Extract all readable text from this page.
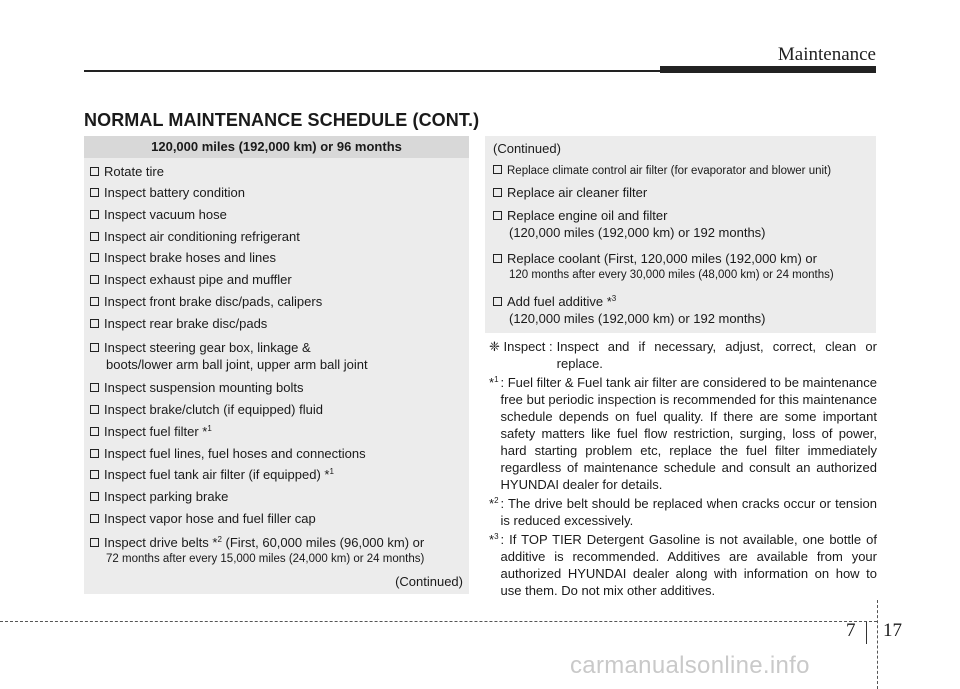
Maintenance
NORMAL MAINTENANCE SCHEDULE (CONT.)
120,000 miles (192,000 km) or 96 months
Rotate tire
Inspect battery condition
Inspect vacuum hose
Inspect air conditioning refrigerant
Inspect brake hoses and lines
Inspect exhaust pipe and muffler
Inspect front brake disc/pads, calipers
Inspect rear brake disc/pads
Inspect steering gear box, linkage &
boots/lower arm ball joint, upper arm ball joint
Inspect suspension mounting bolts
Inspect brake/clutch (if equipped) fluid
Inspect fuel filter *$^1$
Inspect fuel lines, fuel hoses and connections
Inspect fuel tank air filter (if equipped) *$^1$
Inspect parking brake
Inspect vapor hose and fuel filler cap
Inspect drive belts *$^2$ (First, 60,000 miles (96,000 km) or
72 months after every 15,000 miles (24,000 km) or 24 months)
(Continued)
(Continued)
Replace climate control air filter (for evaporator and blower unit)
Replace air cleaner filter
Replace engine oil and filter
(120,000 miles (192,000 km) or 192 months)
Replace coolant (First, 120,000 miles (192,000 km) or
120 months after every 30,000 miles (48,000 km) or 24 months)
Add fuel additive *$^3$
(120,000 miles (192,000 km) or 192 months)
❈ Inspect : Inspect and if necessary, adjust, correct, clean or replace.
*$^1$ : Fuel filter & Fuel tank air filter are considered to be maintenance free but periodic inspection is recommended for this maintenance schedule depends on fuel quality. If there are some important safety matters like fuel flow restriction, surging, loss of power, hard starting problem etc, replace the fuel filter immediately regardless of maintenance schedule and consult an authorized HYUNDAI dealer for details.
*$^2$ : The drive belt should be replaced when cracks occur or tension is reduced excessively.
*$^3$ : If TOP TIER Detergent Gasoline is not available, one bottle of additive is recommended. Additives are available from your authorized HYUNDAI dealer along with information on how to use them. Do not mix other additives.
7 17
carmanualsonline.info
